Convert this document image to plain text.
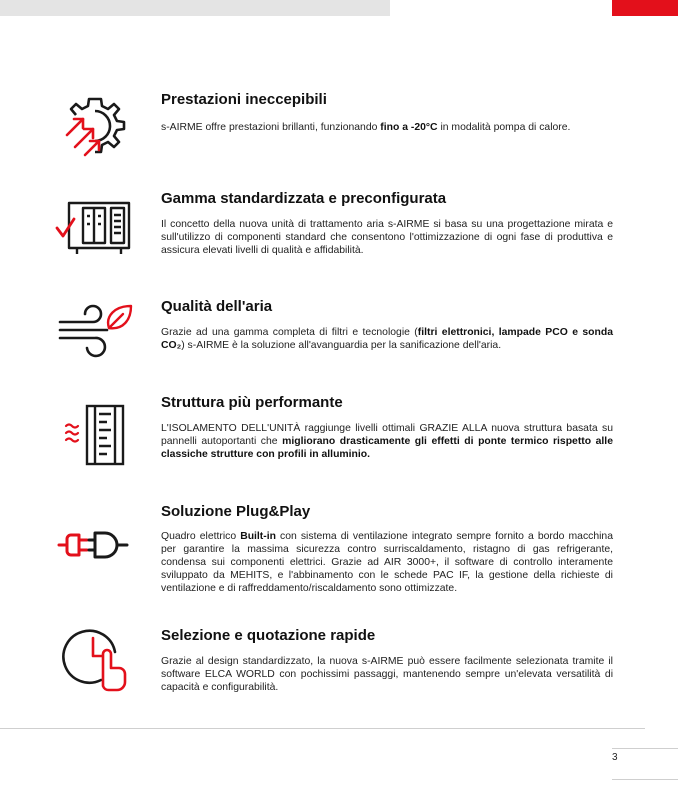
Prestazioni ineccepibili

s-AIRME offre prestazioni brillanti, funzionando fino a -20°C in modalità pompa di calore.

Gamma standardizzata e preconfigurata

Il concetto della nuova unità di trattamento aria s-AIRME si basa su una progettazione mirata e sull'utilizzo di componenti standard che consentono l'ottimizzazione di ogni fase di produttiva e assicura elevati livelli di qualità e affidabilità.

Qualità dell'aria

Grazie ad una gamma completa di filtri e tecnologie (filtri elettronici, lampade PCO e sonda CO₂) s-AIRME è la soluzione all'avanguardia per la sanificazione dell'aria.

Struttura più performante

L'ISOLAMENTO DELL'UNITÀ raggiunge livelli ottimali GRAZIE ALLA nuova struttura basata su pannelli autoportanti che migliorano drasticamente gli effetti di ponte termico rispetto alle classiche strutture con profili in alluminio.

Soluzione Plug&Play

Quadro elettrico Built-in con sistema di ventilazione integrato sempre fornito a bordo macchina per garantire la massima sicurezza contro surriscaldamento, ristagno di gas refrigerante, condensa sui componenti elettrici. Grazie ad AIR 3000+, il software di controllo interamente sviluppato da MEHITS, e l'abbinamento con le schede PAC IF, la gestione della richieste di ventilazione e di raffreddamento/riscaldamento sono ottimizzate.

Selezione e quotazione rapide

Grazie al design standardizzato, la nuova s-AIRME può essere facilmente selezionata tramite il software ELCA WORLD con pochissimi passaggi, mantenendo sempre un'elevata versatilità di capacità e configurabilità.

3
